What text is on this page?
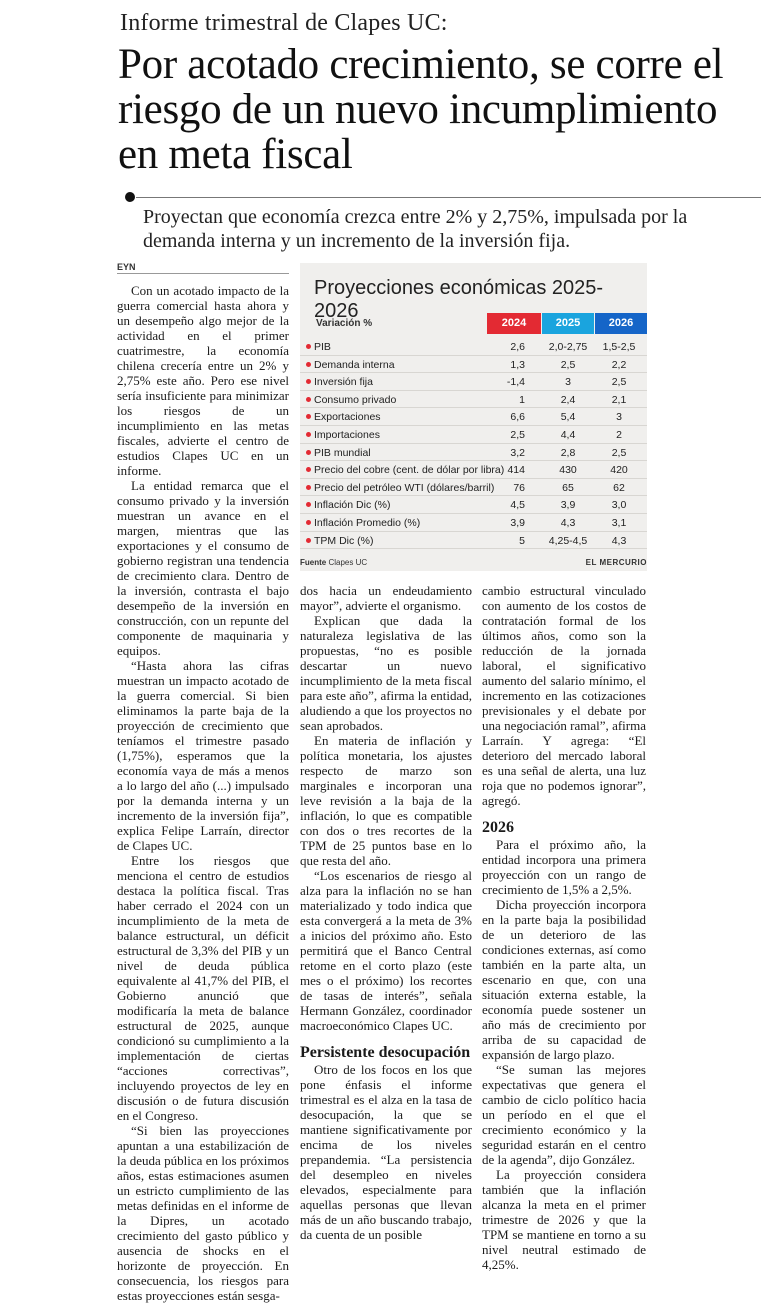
Informe trimestral de Clapes UC:
Por acotado crecimiento, se corre el riesgo de un nuevo incumplimiento en meta fiscal
Proyectan que economía crezca entre 2% y 2,75%, impulsada por la demanda interna y un incremento de la inversión fija.
EYN

Con un acotado impacto de la guerra comercial hasta ahora y un desempeño algo mejor de la actividad en el primer cuatrimestre, la economía chilena crecería entre un 2% y 2,75% este año. Pero ese nivel sería insuficiente para minimizar los riesgos de un incumplimiento en las metas fiscales, advierte el centro de estudios Clapes UC en un informe.

La entidad remarca que el consumo privado y la inversión muestran un avance en el margen, mientras que las exportaciones y el consumo de gobierno registran una tendencia de crecimiento clara. Dentro de la inversión, contrasta el bajo desempeño de la inversión en construcción, con un repunte del componente de maquinaria y equipos.

“Hasta ahora las cifras muestran un impacto acotado de la guerra comercial. Si bien eliminamos la parte baja de la proyección de crecimiento que teníamos el trimestre pasado (1,75%), esperamos que la economía vaya de más a menos a lo largo del año (...) impulsado por la demanda interna y un incremento de la inversión fija”, explica Felipe Larraín, director de Clapes UC.

Entre los riesgos que menciona el centro de estudios destaca la política fiscal. Tras haber cerrado el 2024 con un incumplimiento de la meta de balance estructural, un déficit estructural de 3,3% del PIB y un nivel de deuda pública equivalente al 41,7% del PIB, el Gobierno anunció que modificaría la meta de balance estructural de 2025, aunque condicionó su cumplimiento a la implementación de ciertas “acciones correctivas”, incluyendo proyectos de ley en discusión o de futura discusión en el Congreso.

“Si bien las proyecciones apuntan a una estabilización de la deuda pública en los próximos años, estas estimaciones asumen un estricto cumplimiento de las metas definidas en el informe de la Dipres, un acotado crecimiento del gasto público y ausencia de shocks en el horizonte de proyección. En consecuencia, los riesgos para estas proyecciones están sesga-

Proyecciones económicas 2025-2026
Variación %	2024	2025	2026
PIB	2,6	2,0-2,75	1,5-2,5
Demanda interna	1,3	2,5	2,2
Inversión fija	-1,4	3	2,5
Consumo privado	1	2,4	2,1
Exportaciones	6,6	5,4	3
Importaciones	2,5	4,4	2
PIB mundial	3,2	2,8	2,5
Precio del cobre (cent. de dólar por libra) 414	430	420
Precio del petróleo WTI (dólares/barril)	76	65	62
Inflación Dic (%)	4,5	3,9	3,0
Inflación Promedio (%)	3,9	4,3	3,1
TPM Dic (%)	5	4,25-4,5	4,3
Fuente Clapes UC	EL MERCURIO

dos hacia un endeudamiento mayor”, advierte el organismo.

Explican que dada la naturaleza legislativa de las propuestas, “no es posible descartar un nuevo incumplimiento de la meta fiscal para este año”, afirma la entidad, aludiendo a que los proyectos no sean aprobados.

En materia de inflación y política monetaria, los ajustes respecto de marzo son marginales e incorporan una leve revisión a la baja de la inflación, lo que es compatible con dos o tres recortes de la TPM de 25 puntos base en lo que resta del año.

“Los escenarios de riesgo al alza para la inflación no se han materializado y todo indica que esta convergerá a la meta de 3% a inicios del próximo año. Esto permitirá que el Banco Central retome en el corto plazo (este mes o el próximo) los recortes de tasas de interés”, señala Hermann González, coordinador macroeconómico Clapes UC.

Persistente desocupación

Otro de los focos en los que pone énfasis el informe trimestral es el alza en la tasa de desocupación, la que se mantiene significativamente por encima de los niveles prepandemia. “La persistencia del desempleo en niveles elevados, especialmente para aquellas personas que llevan más de un año buscando trabajo, da cuenta de un posible

cambio estructural vinculado con aumento de los costos de contratación formal de los últimos años, como son la reducción de la jornada laboral, el significativo aumento del salario mínimo, el incremento en las cotizaciones previsionales y el debate por una negociación ramal”, afirma Larraín. Y agrega: “El deterioro del mercado laboral es una señal de alerta, una luz roja que no podemos ignorar”, agregó.

2026

Para el próximo año, la entidad incorpora una primera proyección con un rango de crecimiento de 1,5% a 2,5%.

Dicha proyección incorpora en la parte baja la posibilidad de un deterioro de las condiciones externas, así como también en la parte alta, un escenario en que, con una situación externa estable, la economía puede sostener un año más de crecimiento por arriba de su capacidad de expansión de largo plazo.

“Se suman las mejores expectativas que genera el cambio de ciclo político hacia un período en el que el crecimiento económico y la seguridad estarán en el centro de la agenda”, dijo González.

La proyección considera también que la inflación alcanza la meta en el primer trimestre de 2026 y que la TPM se mantiene en torno a su nivel neutral estimado de 4,25%.
